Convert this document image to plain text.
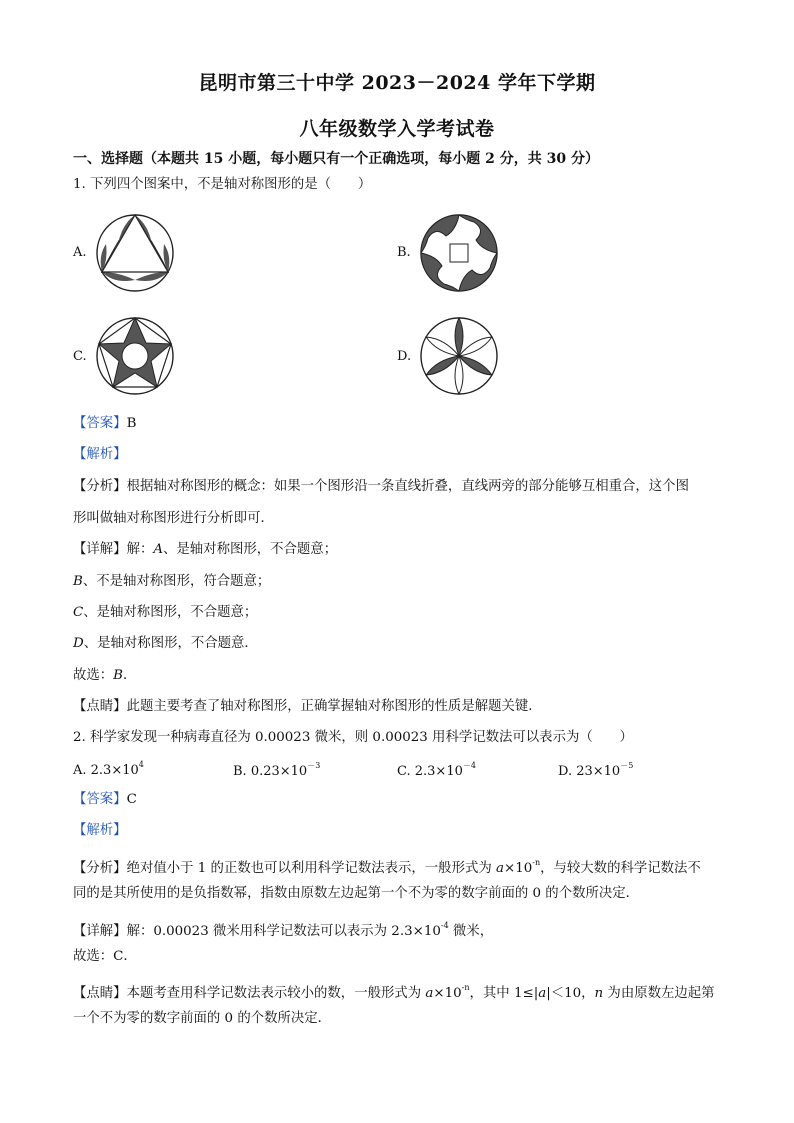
昆明市第三十中学 2023－2024 学年下学期
八年级数学入学考试卷
一、选择题（本题共 15 小题，每小题只有一个正确选项，每小题 2 分，共 30 分）
1. 下列四个图案中，不是轴对称图形的是（　　）
A.	B.
C.	D.
【答案】B
【解析】
【分析】根据轴对称图形的概念：如果一个图形沿一条直线折叠，直线两旁的部分能够互相重合，这个图
形叫做轴对称图形进行分析即可．
【详解】解：A、是轴对称图形，不合题意；
B、不是轴对称图形，符合题意；
C、是轴对称图形，不合题意；
D、是轴对称图形，不合题意．
故选：B．
【点睛】此题主要考查了轴对称图形，正确掌握轴对称图形的性质是解题关键．
2. 科学家发现一种病毒直径为 0.00023 微米，则 0.00023 用科学记数法可以表示为（　　）
A. $2.3\times 10^4$	B. $0.23\times 10^{-3}$	C. $2.3\times 10^{-4}$	D. $23\times 10^{-5}$
【答案】C
【解析】
【分析】绝对值小于 1 的正数也可以利用科学记数法表示，一般形式为 $a\times 10^{-n}$，与较大数的科学记数法不
同的是其所使用的是负指数幂，指数由原数左边起第一个不为零的数字前面的 0 的个数所决定．
【详解】解：0.00023 微米用科学记数法可以表示为 $2.3\times 10^{-4}$ 微米，
故选：C．
【点睛】本题考查用科学记数法表示较小的数，一般形式为 $a\times 10^{-n}$，其中 1≤|a|＜10，n 为由原数左边起第
一个不为零的数字前面的 0 的个数所决定．
